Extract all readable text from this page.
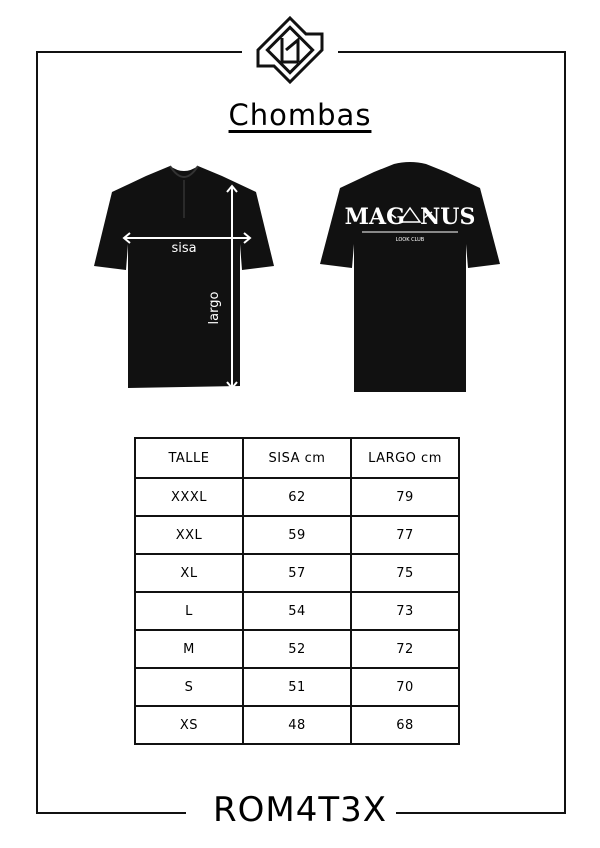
Chombas
sisa
largo
MAG  NUS
LOOK CLUB
TALLE	SISA cm	LARGO cm
XXXL	62	79
XXL	59	77
XL	57	75
L	54	73
M	52	72
S	51	70
XS	48	68
ROM4T3X
